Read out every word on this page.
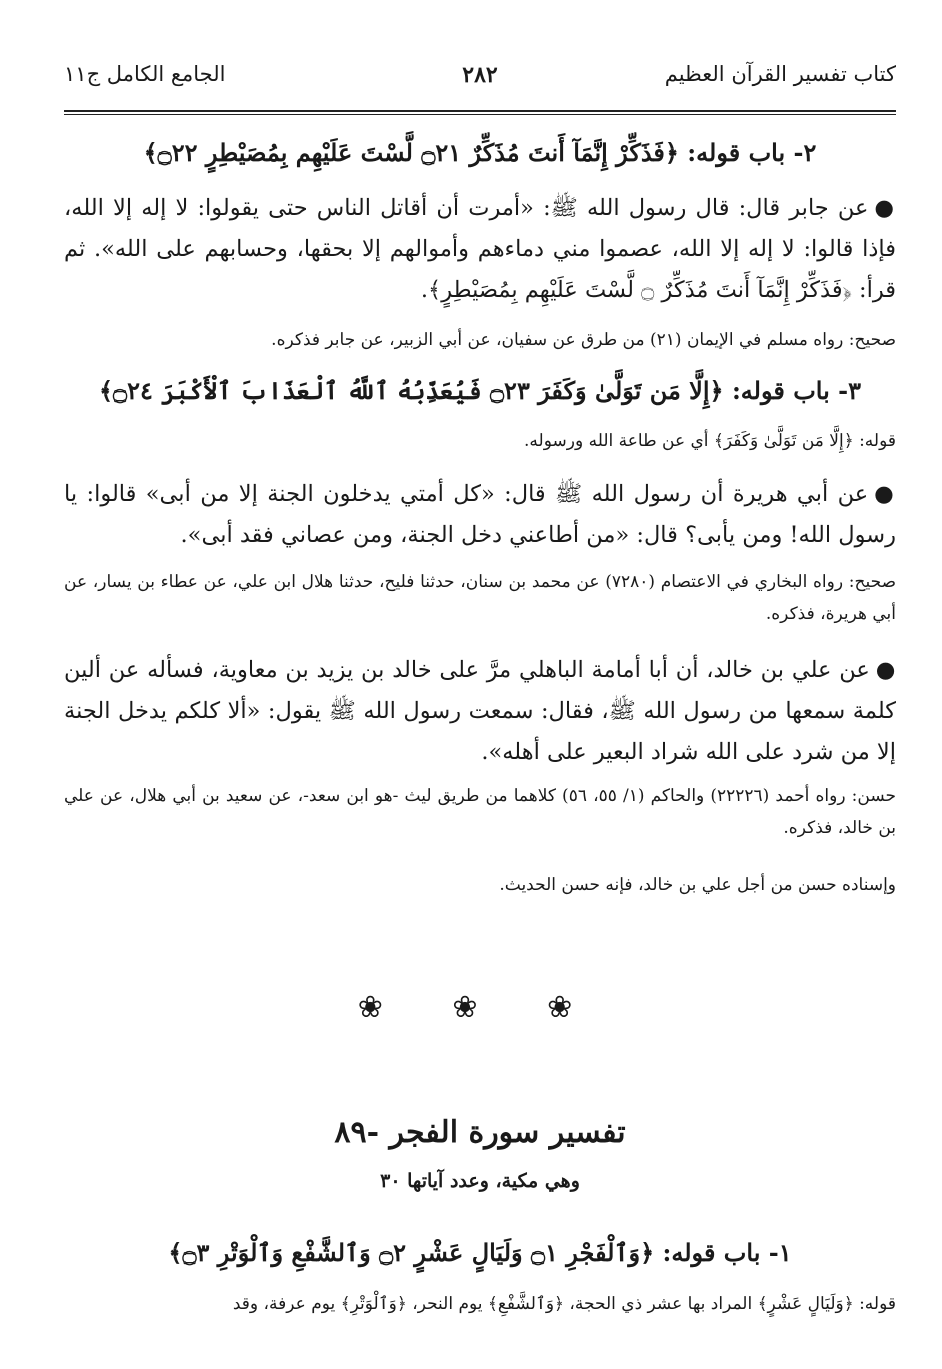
كتاب تفسير القرآن العظيم
٢٨٢
الجامع الكامل ج١١
٢- باب قوله: ﴿فَذَكِّرْ إِنَّمَآ أَنتَ مُذَكِّرٌ ۝٢١ لَّسْتَ عَلَيْهِم بِمُصَيْطِرٍ ۝٢٢﴾
●عن جابر قال: قال رسول الله ﷺ: «أمرت أن أقاتل الناس حتى يقولوا: لا إله إلا الله، فإذا قالوا: لا إله إلا الله، عصموا مني دماءهم وأموالهم إلا بحقها، وحسابهم على الله». ثم قرأ: ﴿فَذَكِّرْ إِنَّمَآ أَنتَ مُذَكِّرٌ ۝ لَّسْتَ عَلَيْهِم بِمُصَيْطِرٍ﴾.
صحيح: رواه مسلم في الإيمان (٢١) من طرق عن سفيان، عن أبي الزبير، عن جابر فذكره.
٣- باب قوله: ﴿إِلَّا مَن تَوَلَّىٰ وَكَفَرَ ۝٢٣ فَيُعَذِّبُهُ ٱللَّهُ ٱلْعَذَابَ ٱلْأَكْبَرَ ۝٢٤﴾
قوله: ﴿إِلَّا مَن تَوَلَّىٰ وَكَفَرَ﴾ أي عن طاعة الله ورسوله.
●عن أبي هريرة أن رسول الله ﷺ قال: «كل أمتي يدخلون الجنة إلا من أبى» قالوا: يا رسول الله! ومن يأبى؟ قال: «من أطاعني دخل الجنة، ومن عصاني فقد أبى».
صحيح: رواه البخاري في الاعتصام (٧٢٨٠) عن محمد بن سنان، حدثنا فليح، حدثنا هلال ابن علي، عن عطاء بن يسار، عن أبي هريرة، فذكره.
●عن علي بن خالد، أن أبا أمامة الباهلي مرَّ على خالد بن يزيد بن معاوية، فسأله عن ألين كلمة سمعها من رسول الله ﷺ، فقال: سمعت رسول الله ﷺ يقول: «ألا كلكم يدخل الجنة إلا من شرد على الله شراد البعير على أهله».
حسن: رواه أحمد (٢٢٢٢٦) والحاكم (١/ ٥٥، ٥٦) كلاهما من طريق ليث -هو ابن سعد-، عن سعيد بن أبي هلال، عن علي بن خالد، فذكره.
وإسناده حسن من أجل علي بن خالد، فإنه حسن الحديث.
❀ ❀ ❀
تفسير سورة الفجر -٨٩
وهي مكية، وعدد آياتها ٣٠
١- باب قوله: ﴿وَٱلْفَجْرِ ۝١ وَلَيَالٍ عَشْرٍ ۝٢ وَٱلشَّفْعِ وَٱلْوَتْرِ ۝٣﴾
قوله: ﴿وَلَيَالٍ عَشْرٍ﴾ المراد بها عشر ذي الحجة، ﴿وَٱلشَّفْعِ﴾ يوم النحر، ﴿وَٱلْوَتْرِ﴾ يوم عرفة، وقد
